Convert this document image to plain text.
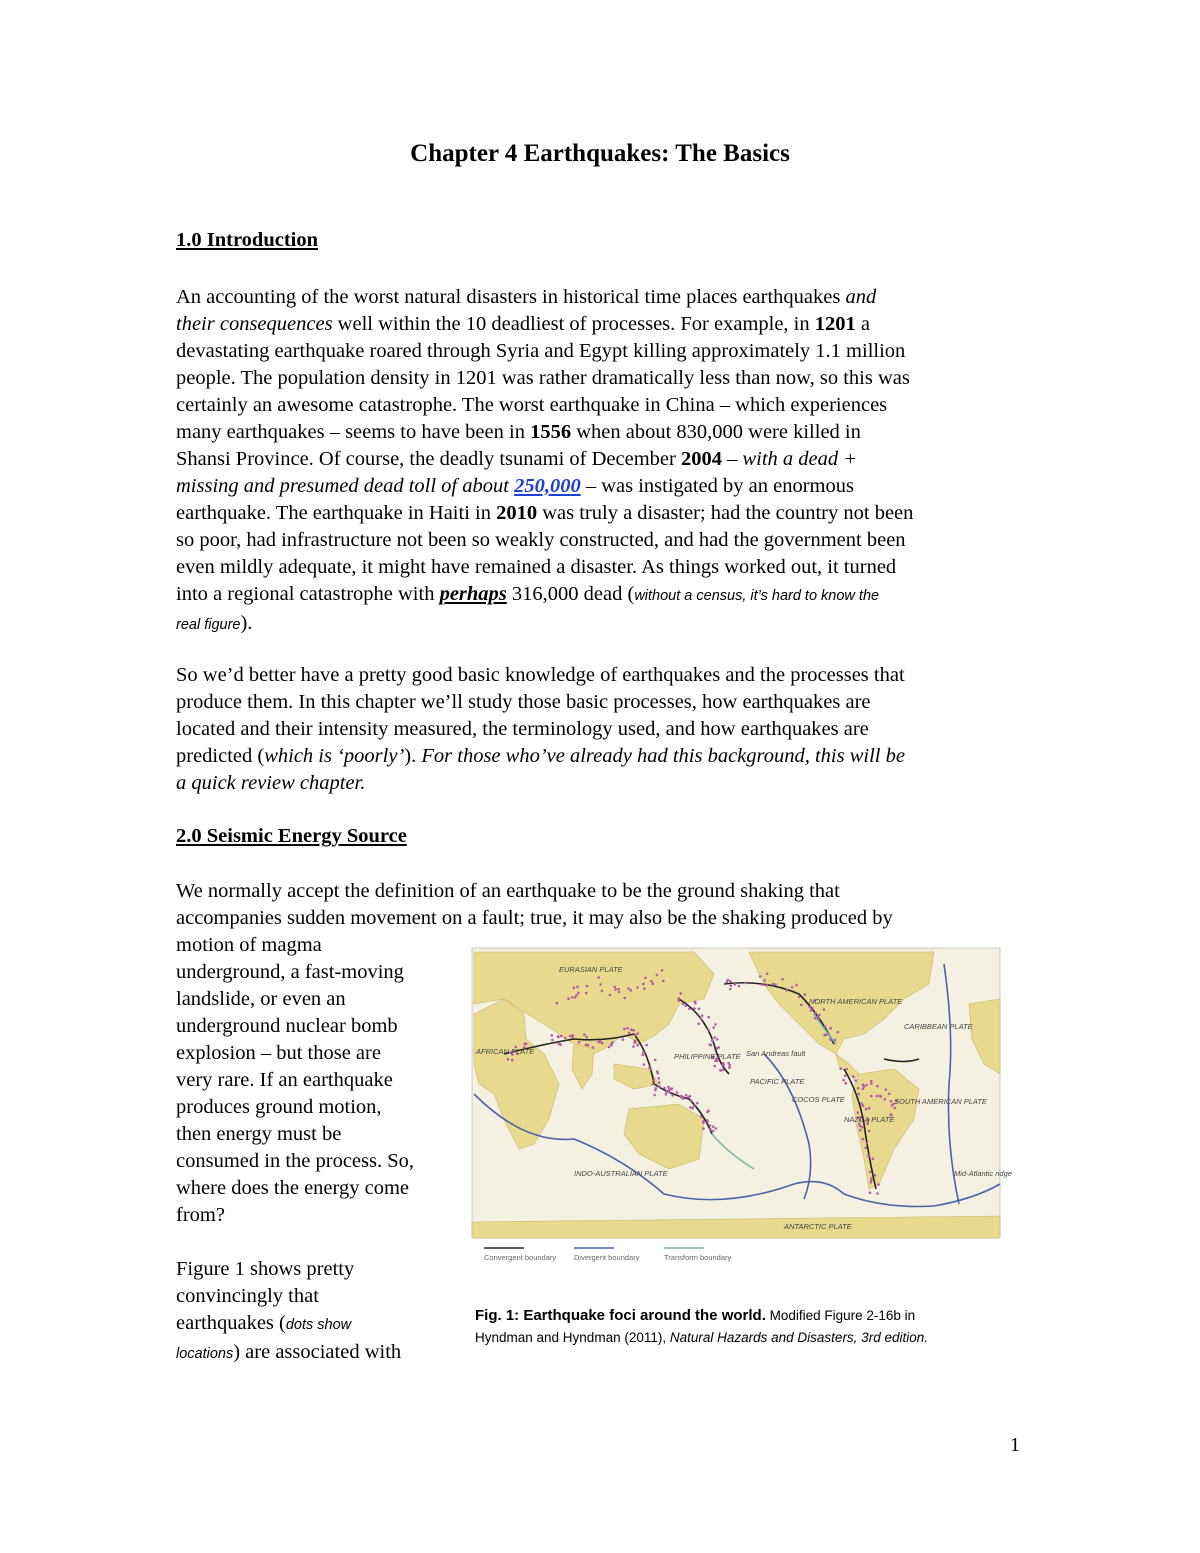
Chapter 4 Earthquakes: The Basics
1.0 Introduction
An accounting of the worst natural disasters in historical time places earthquakes and
their consequences well within the 10 deadliest of processes. For example, in 1201 a
devastating earthquake roared through Syria and Egypt killing approximately 1.1 million
people. The population density in 1201 was rather dramatically less than now, so this was
certainly an awesome catastrophe. The worst earthquake in China – which experiences
many earthquakes – seems to have been in 1556 when about 830,000 were killed in
Shansi Province. Of course, the deadly tsunami of December 2004 – with a dead +
missing and presumed dead toll of about 250,000 – was instigated by an enormous
earthquake. The earthquake in Haiti in 2010 was truly a disaster; had the country not been
so poor, had infrastructure not been so weakly constructed, and had the government been
even mildly adequate, it might have remained a disaster. As things worked out, it turned
into a regional catastrophe with perhaps 316,000 dead (without a census, it’s hard to know the
real figure).
So we’d better have a pretty good basic knowledge of earthquakes and the processes that
produce them. In this chapter we’ll study those basic processes, how earthquakes are
located and their intensity measured, the terminology used, and how earthquakes are
predicted (which is ‘poorly’). For those who’ve already had this background, this will be
a quick review chapter.
2.0 Seismic Energy Source
We normally accept the definition of an earthquake to be the ground shaking that
accompanies sudden movement on a fault; true, it may also be the shaking produced by
motion of magma
underground, a fast-moving
landslide, or even an
underground nuclear bomb
explosion – but those are
very rare. If an earthquake
produces ground motion,
then energy must be
consumed in the process. So,
where does the energy come
from?
Figure 1 shows pretty
convincingly that
earthquakes (dots show
locations) are associated with
EURASIAN PLATE
NORTH AMERICAN PLATE
PHILIPPINE PLATE San Andreas fault
PACIFIC PLATE
COCOS PLATE
CARIBBEAN PLATE
NAZCA PLATE
SOUTH AMERICAN PLATE
AFRICAN PLATE
INDO-AUSTRALIAN PLATE
ANTARCTIC PLATE
Mid-Atlantic ridge
Convergent boundary Divergent boundary	Transform boundary
Fig. 1: Earthquake foci around the world. Modified Figure 2-16b in
Hyndman and Hyndman (2011), Natural Hazards and Disasters, 3rd edition.
1
